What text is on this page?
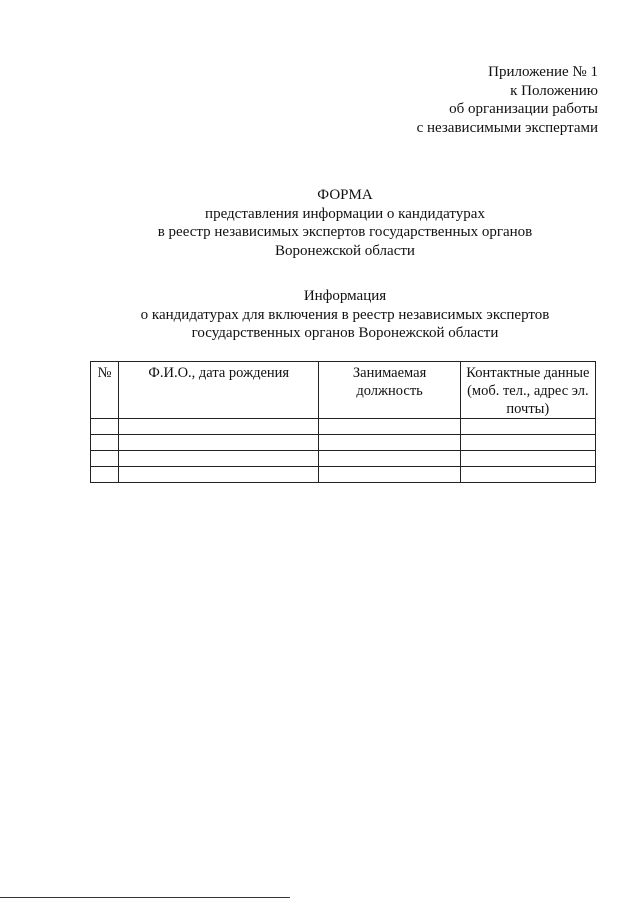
Приложение № 1
к Положению
об организации работы
с независимыми экспертами
ФОРМА
представления информации о кандидатурах
в реестр независимых экспертов государственных органов
Воронежской области
Информация
о кандидатурах для включения в реестр независимых экспертов
государственных органов Воронежской области
№	Ф.И.О., дата рождения	Занимаемая должность	Контактные данные (моб. тел., адрес эл. почты)
